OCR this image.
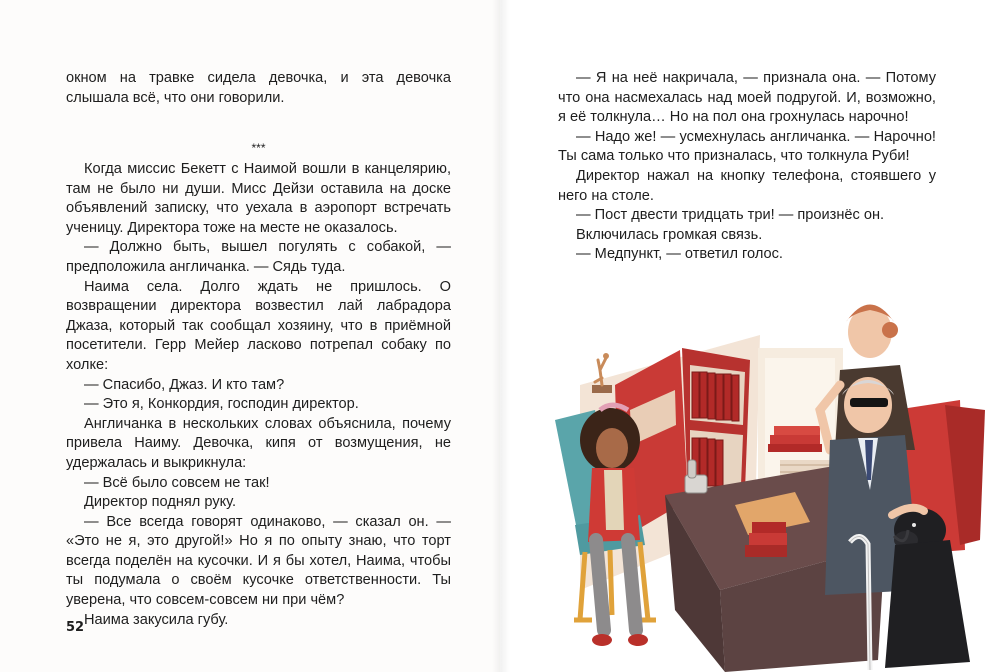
окном на травке сидела девочка, и эта девочка слышала всё, что они говорили.

***

Когда миссис Бекетт с Наимой вошли в канцелярию, там не было ни души. Мисс Дейзи оставила на доске объявлений записку, что уехала в аэропорт встречать ученицу. Директора тоже на месте не оказалось.

— Должно быть, вышел погулять с собакой, — предположила англичанка. — Сядь туда.

Наима села. Долго ждать не пришлось. О возвращении директора возвестил лай лабрадора Джаза, который так сообщал хозяину, что в приёмной посетители. Герр Мейер ласково потрепал собаку по холке:

— Спасибо, Джаз. И кто там?

— Это я, Конкордия, господин директор.

Англичанка в нескольких словах объяснила, почему привела Наиму. Девочка, кипя от возмущения, не удержалась и выкрикнула:

— Всё было совсем не так!

Директор поднял руку.

— Все всегда говорят одинаково, — сказал он. — «Это не я, это другой!» Но я по опыту знаю, что торт всегда поделён на кусочки. И я бы хотел, Наима, чтобы ты подумала о своём кусочке ответственности. Ты уверена, что совсем-совсем ни при чём?

Наима закусила губу.

52

— Я на неё накричала, — признала она. — Потому что она насмехалась над моей подругой. И, возможно, я её толкнула… Но на пол она грохнулась нарочно!

— Надо же! — усмехнулась англичанка. — Нарочно! Ты сама только что призналась, что толкнула Руби!

Директор нажал на кнопку телефона, стоявшего у него на столе.

— Пост двести тридцать три! — произнёс он.

Включилась громкая связь.

— Медпункт, — ответил голос.
